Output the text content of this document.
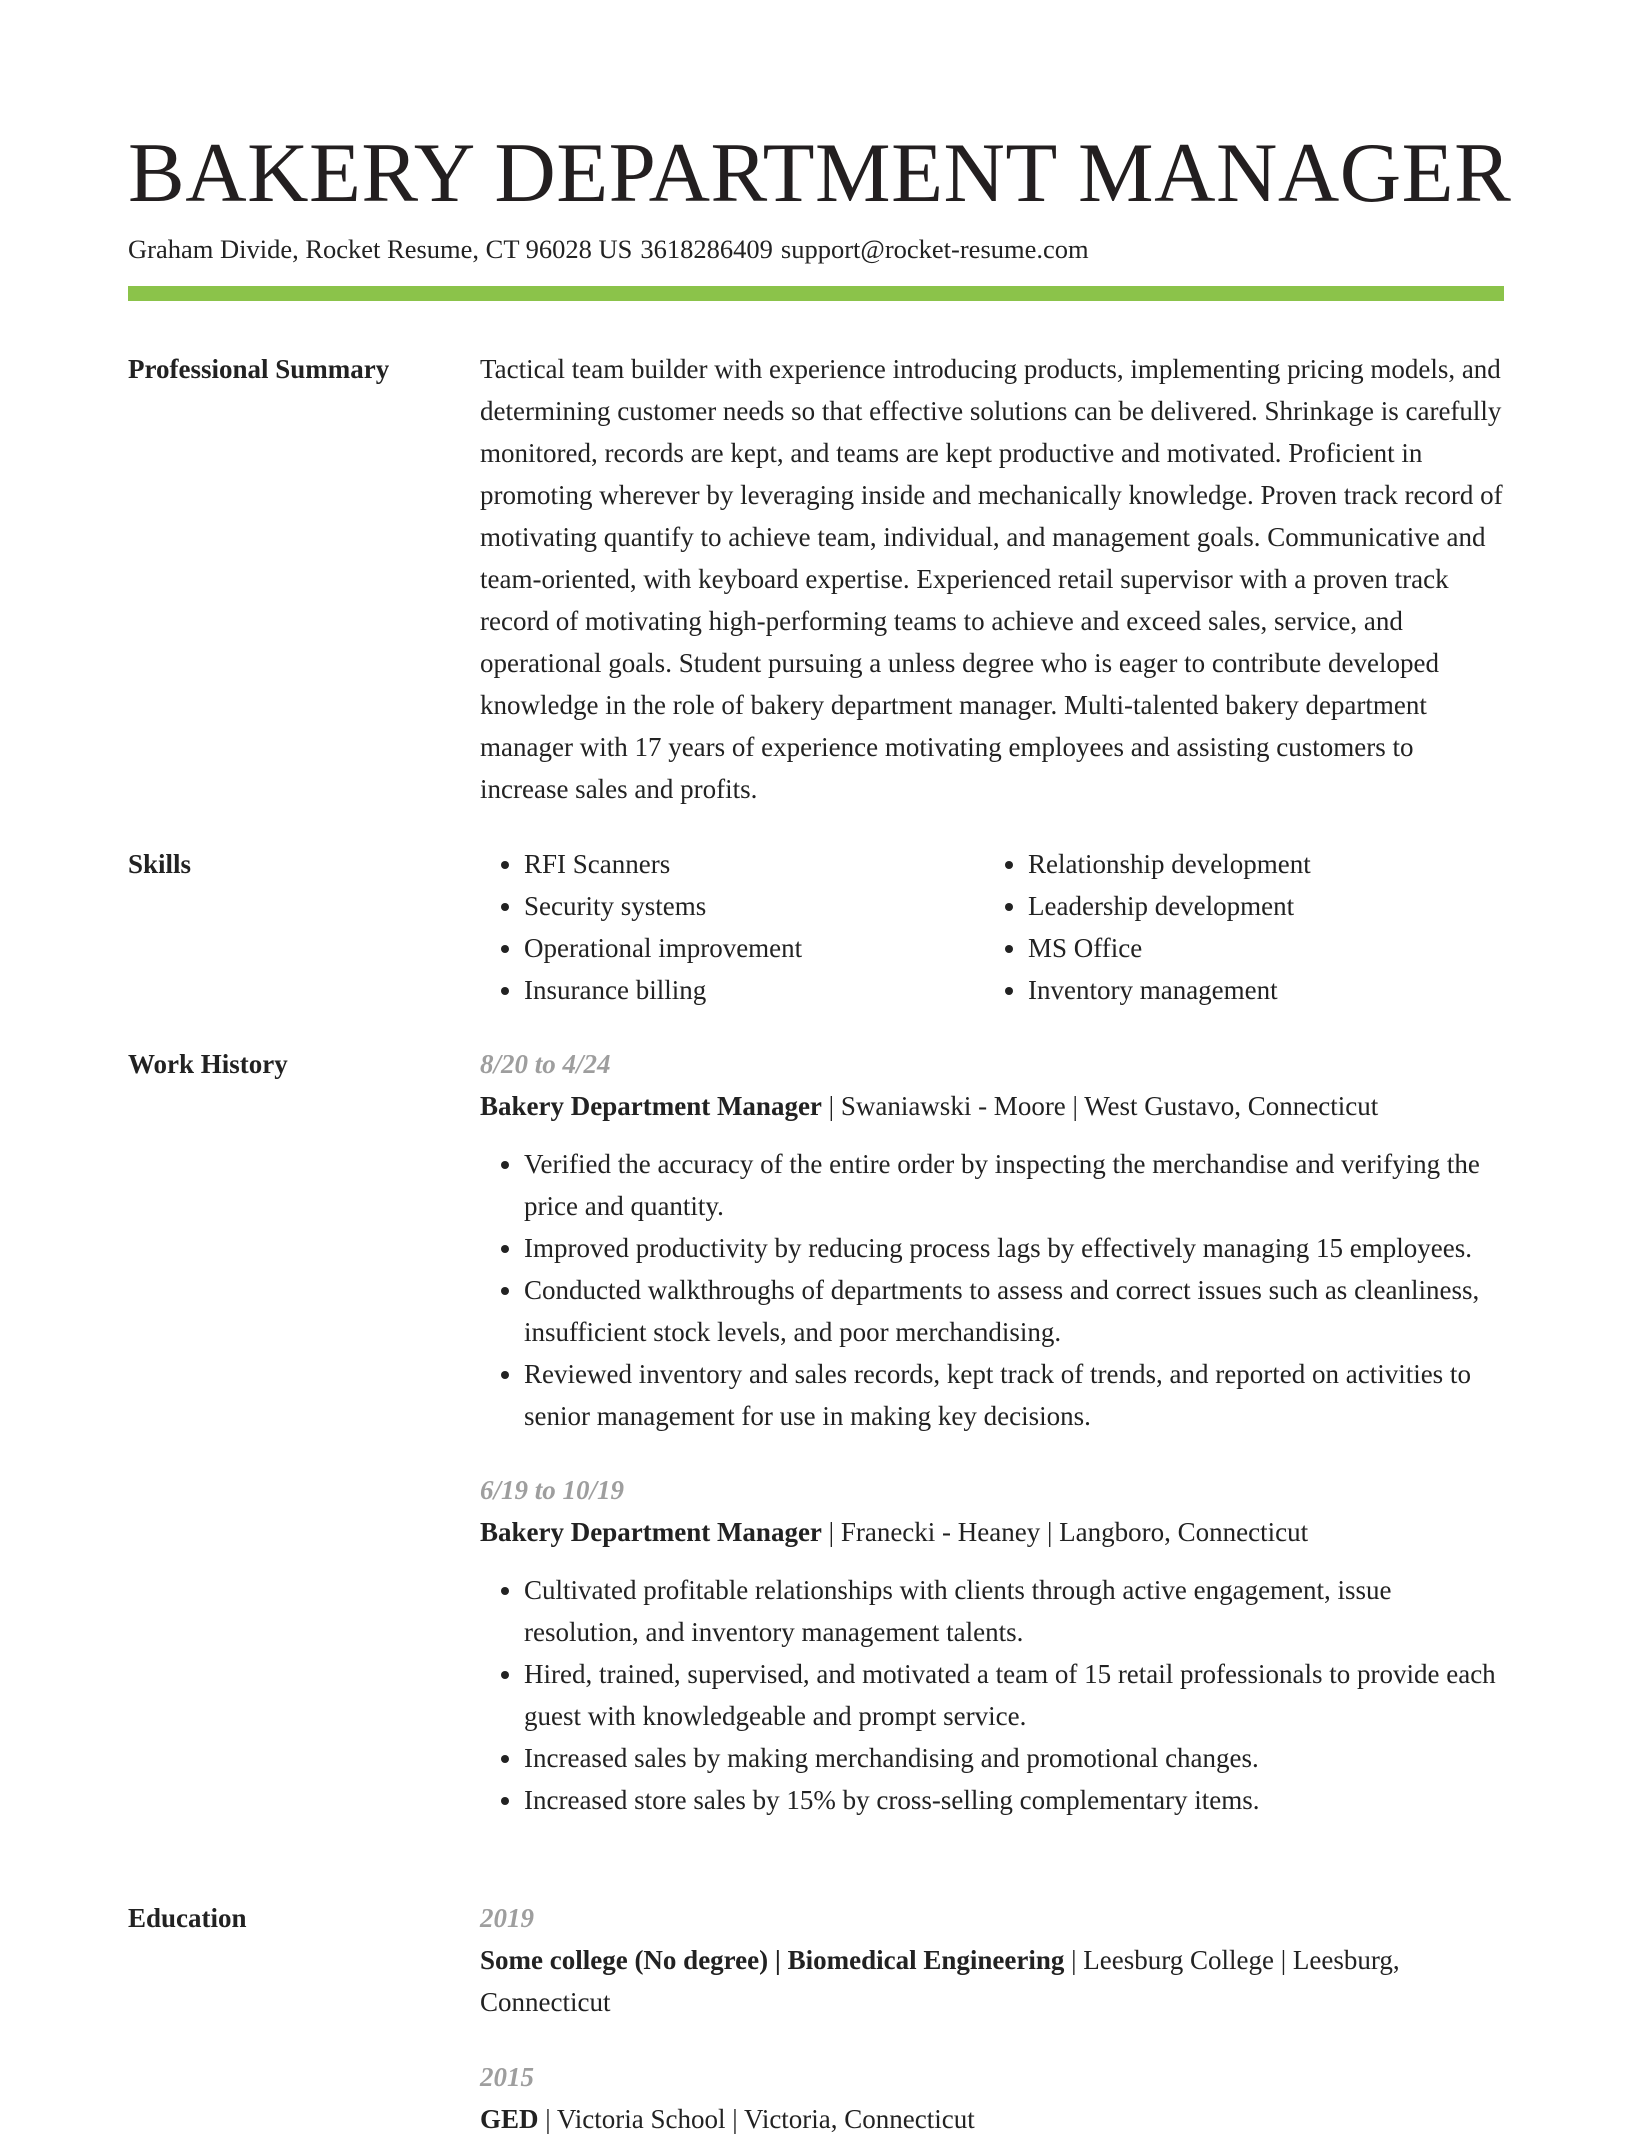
BAKERY DEPARTMENT MANAGER
Graham Divide, Rocket Resume, CT 96028 US 3618286409 support@rocket-resume.com
Professional Summary	Tactical team builder with experience introducing products, implementing pricing models, and determining customer needs so that effective solutions can be delivered. Shrinkage is carefully monitored, records are kept, and teams are kept productive and motivated. Proficient in promoting wherever by leveraging inside and mechanically knowledge. Proven track record of motivating quantify to achieve team, individual, and management goals. Communicative and team-oriented, with keyboard expertise. Experienced retail supervisor with a proven track record of motivating high-performing teams to achieve and exceed sales, service, and operational goals. Student pursuing a unless degree who is eager to contribute developed knowledge in the role of bakery department manager. Multi-talented bakery department manager with 17 years of experience motivating employees and assisting customers to increase sales and profits.

Skills
•	RFI Scanners
• Security systems
• Operational improvement
• Insurance billing
• Relationship development
• Leadership development
• MS Office
• Inventory management
Work History	8/20 to 4/24
Bakery Department Manager | Swaniawski - Moore | West Gustavo, Connecticut
• Verified the accuracy of the entire order by inspecting the merchandise and verifying the price and quantity.
• Improved productivity by reducing process lags by effectively managing 15 employees.
• Conducted walkthroughs of departments to assess and correct issues such as cleanliness, insufficient stock levels, and poor merchandising.
• Reviewed inventory and sales records, kept track of trends, and reported on activities to senior management for use in making key decisions.
6/19 to 10/19
Bakery Department Manager | Franecki - Heaney | Langboro, Connecticut
• Cultivated profitable relationships with clients through active engagement, issue resolution, and inventory management talents.
• Hired, trained, supervised, and motivated a team of 15 retail professionals to provide each guest with knowledgeable and prompt service.
• Increased sales by making merchandising and promotional changes.
• Increased store sales by 15% by cross-selling complementary items.
Education	2019
Some college (No degree) | Biomedical Engineering | Leesburg College | Leesburg, Connecticut
2015
GED | Victoria School | Victoria, Connecticut
